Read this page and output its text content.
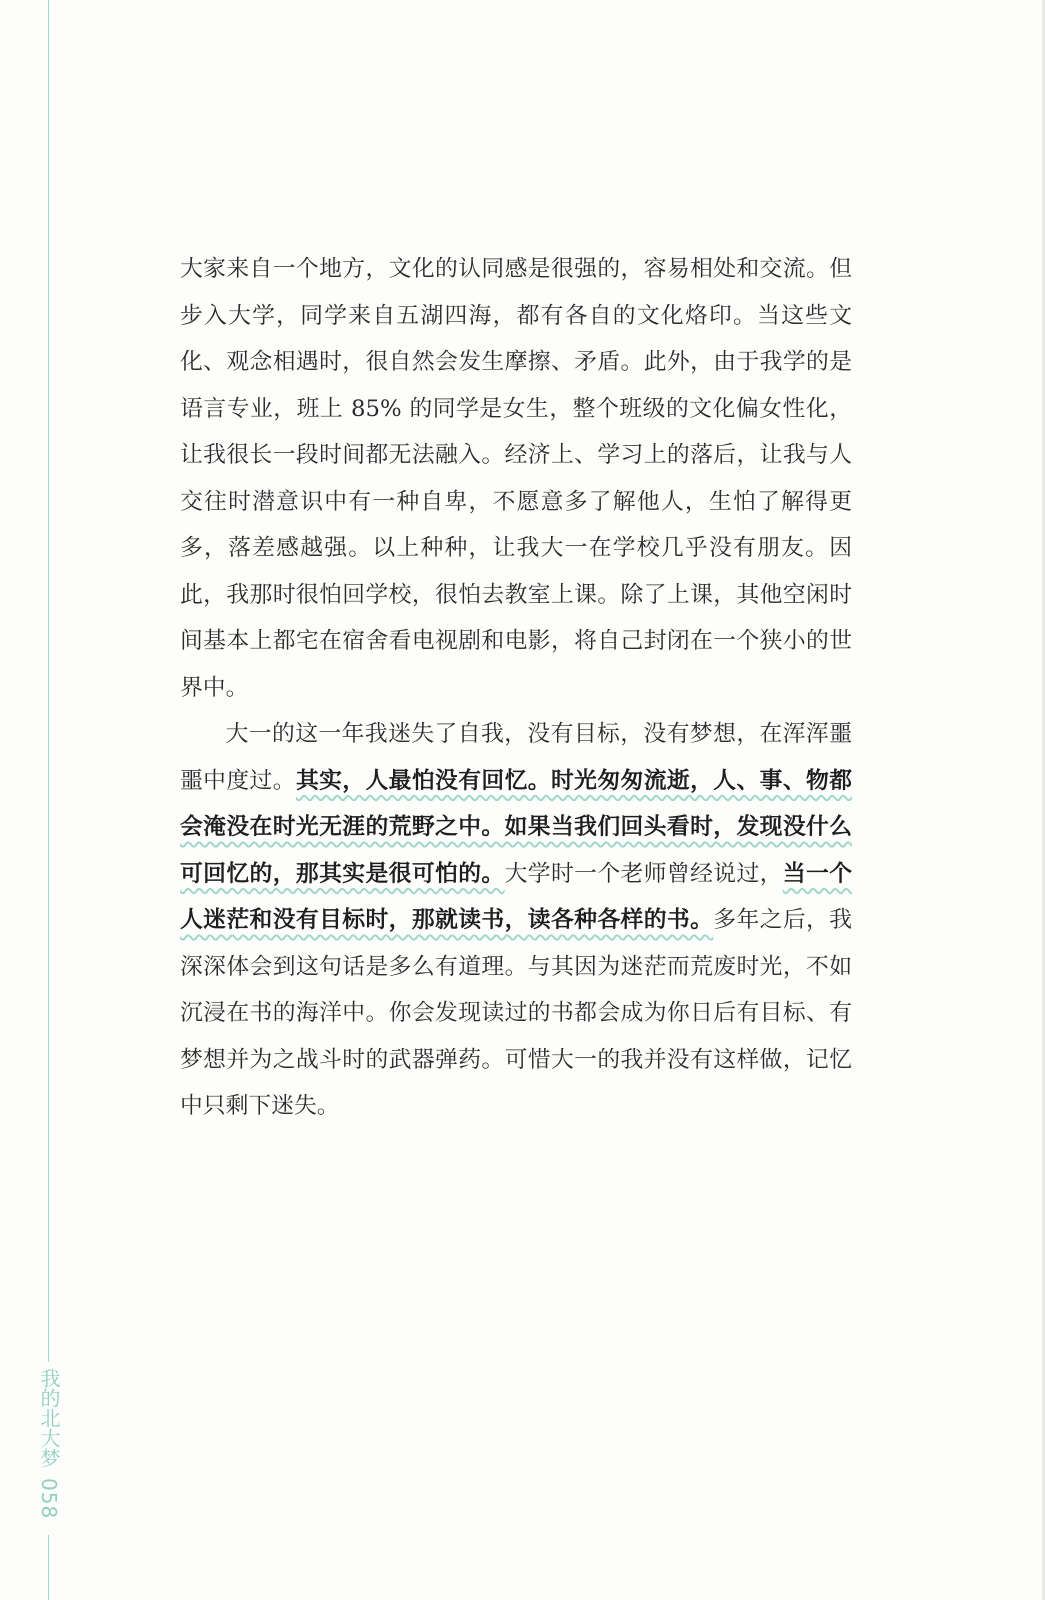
我的北大梦
058

大家来自一个地方，文化的认同感是很强的，容易相处和交流。但步入大学，同学来自五湖四海，都有各自的文化烙印。当这些文化、观念相遇时，很自然会发生摩擦、矛盾。此外，由于我学的是语言专业，班上 85% 的同学是女生，整个班级的文化偏女性化，让我很长一段时间都无法融入。经济上、学习上的落后，让我与人交往时潜意识中有一种自卑，不愿意多了解他人，生怕了解得更多，落差感越强。以上种种，让我大一在学校几乎没有朋友。因此，我那时很怕回学校，很怕去教室上课。除了上课，其他空闲时间基本上都宅在宿舍看电视剧和电影，将自己封闭在一个狭小的世界中。

大一的这一年我迷失了自我，没有目标，没有梦想，在浑浑噩噩中度过。其实，人最怕没有回忆。时光匆匆流逝，人、事、物都会淹没在时光无涯的荒野之中。如果当我们回头看时，发现没什么可回忆的，那其实是很可怕的。大学时一个老师曾经说过，当一个人迷茫和没有目标时，那就读书，读各种各样的书。多年之后，我深深体会到这句话是多么有道理。与其因为迷茫而荒废时光，不如沉浸在书的海洋中。你会发现读过的书都会成为你日后有目标、有梦想并为之战斗时的武器弹药。可惜大一的我并没有这样做，记忆中只剩下迷失。
